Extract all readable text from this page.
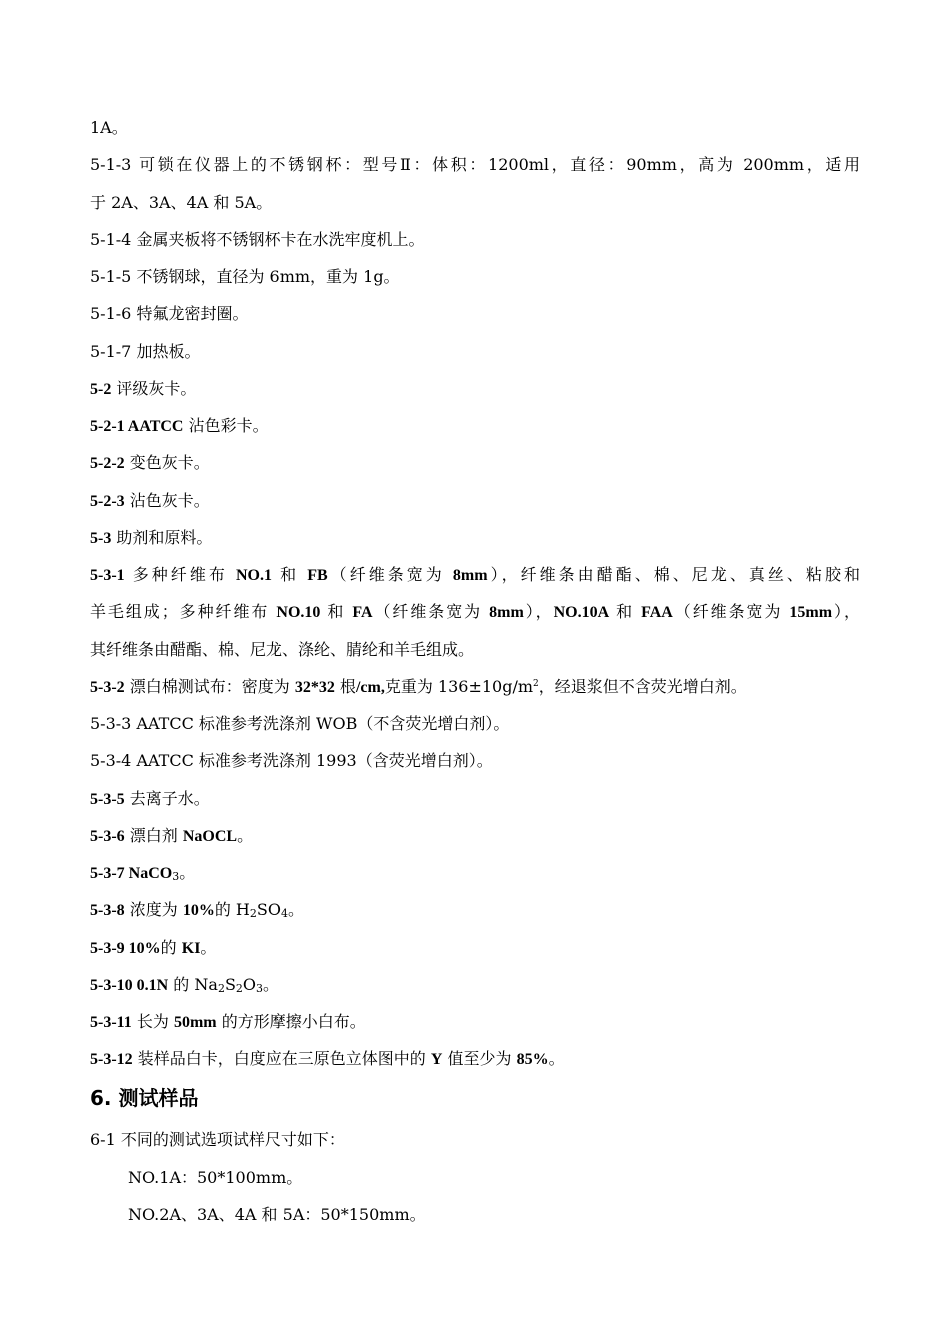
1A。
5-1-3 可锁在仪器上的不锈钢杯：型号Ⅱ：体积：1200ml，直径：90mm，高为 200mm，适用
于 2A、3A、4A 和 5A。
5-1-4 金属夹板将不锈钢杯卡在水洗牢度机上。
5-1-5 不锈钢球，直径为 6mm，重为 1g。
5-1-6 特氟龙密封圈。
5-1-7 加热板。
5-2 评级灰卡。
5-2-1 AATCC 沾色彩卡。
5-2-2 变色灰卡。
5-2-3 沾色灰卡。
5-3 助剂和原料。
5-3-1 多种纤维布 NO.1 和 FB（纤维条宽为 8mm），纤维条由醋酯、棉、尼龙、真丝、粘胶和
羊毛组成；多种纤维布 NO.10 和 FA（纤维条宽为 8mm），NO.10A 和 FAA（纤维条宽为 15mm），
其纤维条由醋酯、棉、尼龙、涤纶、腈纶和羊毛组成。
5-3-2 漂白棉测试布：密度为 32*32 根/cm,克重为 $136\pm 10g/m^2$，经退浆但不含荧光增白剂。
5-3-3 AATCC 标准参考洗涤剂 WOB（不含荧光增白剂）。
5-3-4 AATCC 标准参考洗涤剂 1993（含荧光增白剂）。
5-3-5 去离子水。
5-3-6 漂白剂 NaOCL。
5-3-7 NaCO$_3$。
5-3-8 浓度为 10%的 $H_2SO_4$。
5-3-9 10%的 KI。
5-3-10 0.1N 的 $Na_2S_2O_3$。
5-3-11 长为 50mm 的方形摩擦小白布。
5-3-12 装样品白卡，白度应在三原色立体图中的 Y 值至少为 85%。
6. 测试样品
6-1 不同的测试选项试样尺寸如下：
NO.1A：50*100mm。
NO.2A、3A、4A 和 5A：50*150mm。
